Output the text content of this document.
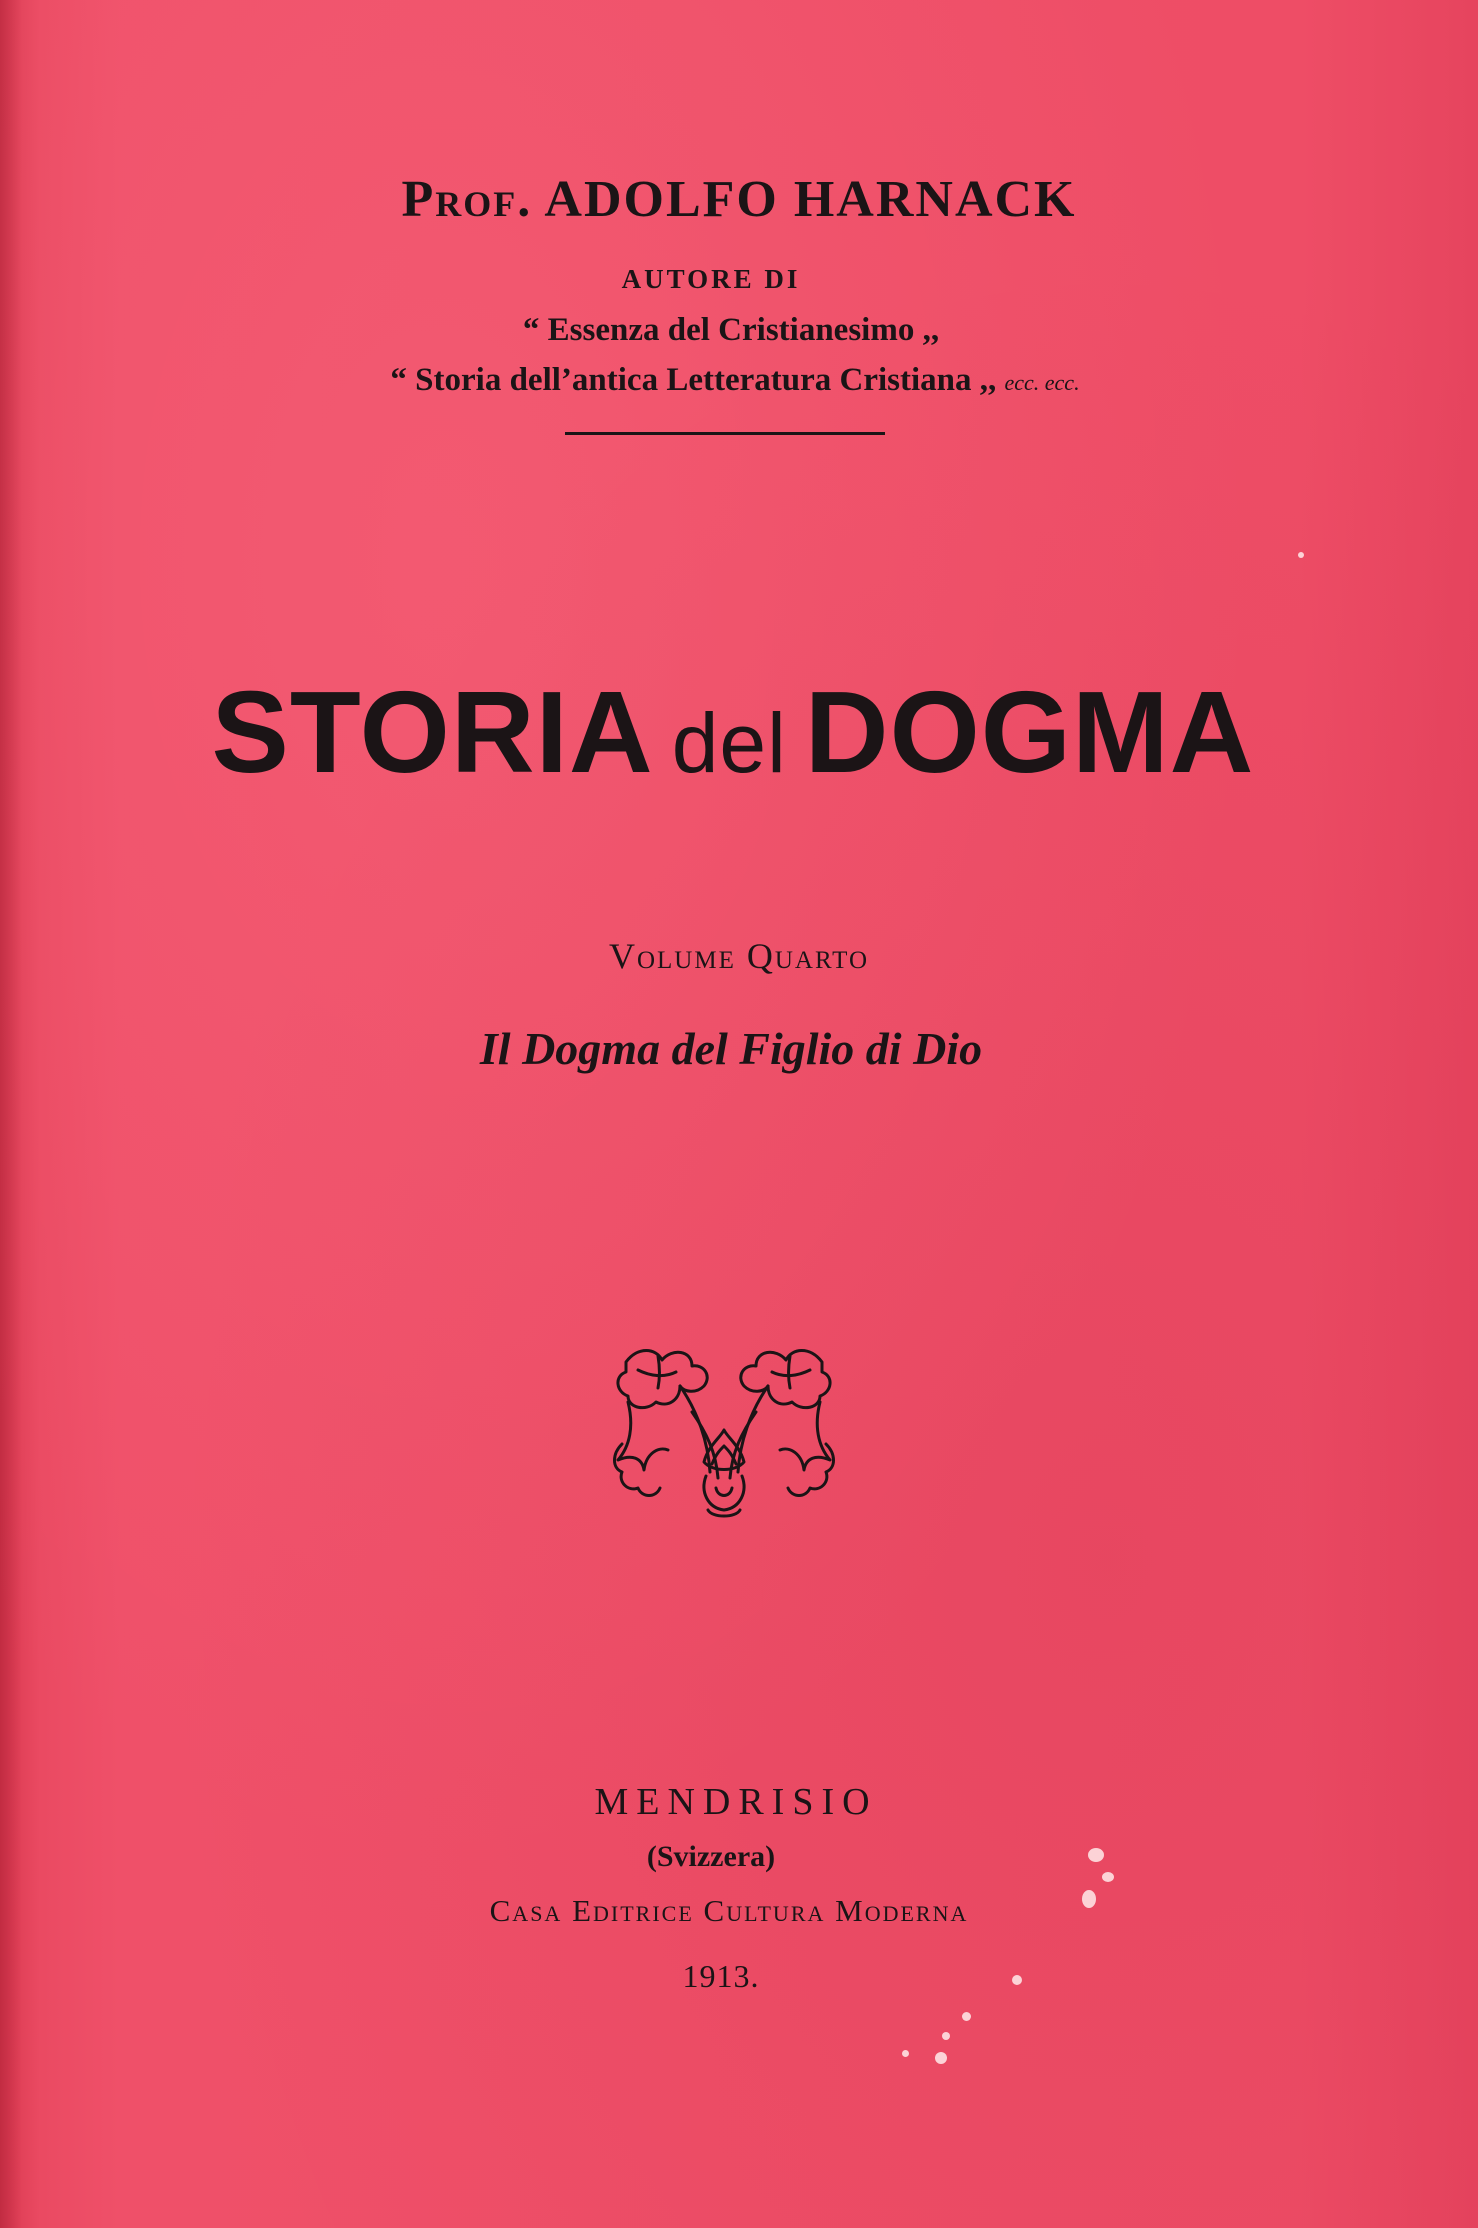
Prof. ADOLFO HARNACK
AUTORE DI
“ Essenza del Cristianesimo ,,
“ Storia dell’antica Letteratura Cristiana ,, ecc. ecc.
STORIA del DOGMA
Volume Quarto
Il Dogma del Figlio di Dio
MENDRISIO
(Svizzera)
Casa Editrice Cultura Moderna
1913.
